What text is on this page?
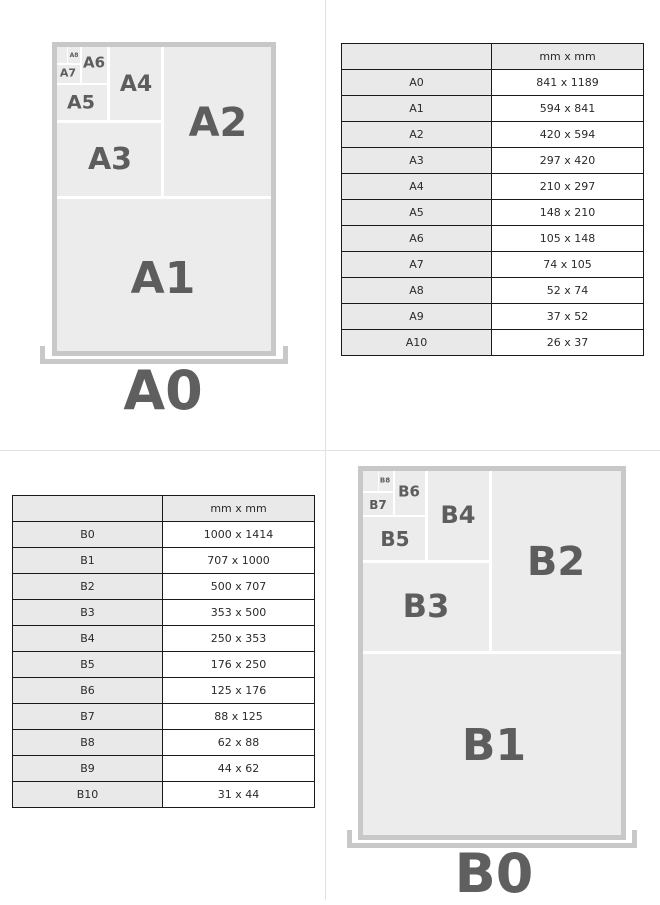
A1
A2
A3
A4
A5
A6
A7
A8
A0
	mm x mm
A0	841 x 1189
A1	594 x 841
A2	420 x 594
A3	297 x 420
A4	210 x 297
A5	148 x 210
A6	105 x 148
A7	74 x 105
A8	52 x 74
A9	37 x 52
A10	26 x 37
	mm x mm
B0	1000 x 1414
B1	707 x 1000
B2	500 x 707
B3	353 x 500
B4	250 x 353
B5	176 x 250
B6	125 x 176
B7	88 x 125
B8	62 x 88
B9	44 x 62
B10	31 x 44
B1
B2
B3
B4
B5
B6
B7
B8
B0
